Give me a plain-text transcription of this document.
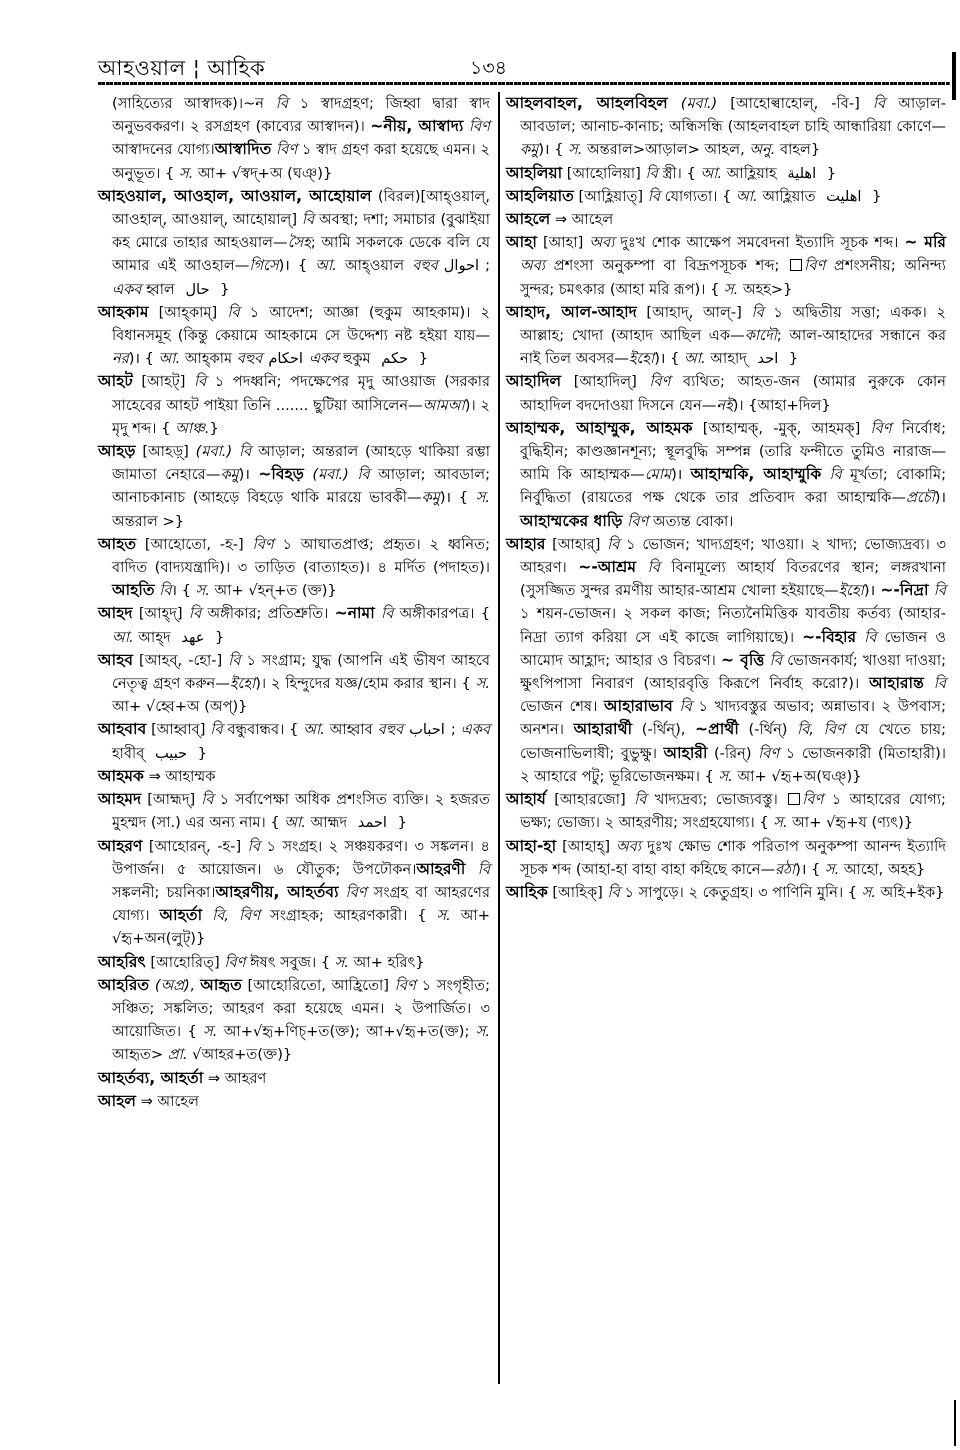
আহওয়াল ¦ আহিক	১৩৪

(সাহিত্যের আস্বাদক)।~ন বি ১ স্বাদগ্রহণ; জিহ্বা দ্বারা স্বাদ অনুভবকরণ। ২ রসগ্রহণ (কাব্যের আস্বাদন)। ~নীয়, আস্বাদ্য বিণ আস্বাদনের যোগ্য।আস্বাদিত বিণ ১ স্বাদ গ্রহণ করা হয়েছে এমন। ২ অনুভূত। { স. আ+ √স্বদ্+অ (ঘঞ্)}

আহওয়াল, আওহাল, আওয়াল, আহোয়াল (বিরল)[আহ্ওয়াল্, আওহাল্, আওয়াল্, আহোয়াল্] বি অবস্থা; দশা; সমাচার (বুঝাইয়া কহ মোরে তাহার আহওয়াল—সৈহ; আমি সকলকে ডেকে বলি যে আমার এই আওহাল—গিসে)। { আ. আহ্ওয়াল বহুব احوال ; একব হ্বাল حال }

আহকাম [আহ্কাম্] বি ১ আদেশ; আজ্ঞা (হুকুম আহকাম)। ২ বিধানসমূহ (কিন্তু কেয়ামে আহকামে সে উদ্দেশ্য নষ্ট হইয়া যায়—নর)। { আ. আহ্কাম বহুব احكام একব হুকুম حكم }

আহট [আহট্] বি ১ পদধ্বনি; পদক্ষেপের মৃদু আওয়াজ (সরকার সাহেবের আহট পাইয়া তিনি ....... ছুটিয়া আসিলেন—আমআ)। ২ মৃদু শব্দ। { আঞ্চ.}

আহড় [আহড়্] (মবা.) বি আড়াল; অন্তরাল (আহড়ে থাকিয়া রম্ভা জামাতা নেহারে—কমু)। ~বিহড় (মবা.) বি আড়াল; আবডাল; আনাচকানাচ (আহড়ে বিহড়ে থাকি মারয়ে ভাবকী—কমু)। { স. অন্তরাল >}

আহত [আহোতো, -হ-] বিণ ১ আঘাতপ্রাপ্ত; প্রহৃত। ২ ধ্বনিত; বাদিত (বাদ্যযন্ত্রাদি)। ৩ তাড়িত (বাত্যাহত)। ৪ মর্দিত (পদাহত)। আহতি বি। { স. আ+ √হন্+ত (ক্ত)}

আহদ [আহ্দ্] বি অঙ্গীকার; প্রতিশ্রুতি। ~নামা বি অঙ্গীকারপত্র। { আ. আহ্দ عهد }

আহব [আহব্, -হো-] বি ১ সংগ্রাম; যুদ্ধ (আপনি এই ভীষণ আহবে নেতৃত্ব গ্রহণ করুন—ইহো)। ২ হিন্দুদের যজ্ঞ/হোম করার স্থান। { স. আ+ √হ্বে+অ (অপ্)}

আহবাব [আহ্বাব্] বি বন্ধুবান্ধব। { আ. আহ্বাব বহুব احباب ; একব হাবীব্ حبيب }

আহমক ⇒ আহাম্মক

আহমদ [আহ্মদ্] বি ১ সর্বাপেক্ষা অধিক প্রশংসিত ব্যক্তি। ২ হজরত মুহম্মদ (সা.) এর অন্য নাম। { আ. আহ্মদ احمد }

আহরণ [আহোরন্, -হ-] বি ১ সংগ্রহ। ২ সঞ্চয়করণ। ৩ সঙ্কলন। ৪ উপার্জন। ৫ আয়োজন। ৬ যৌতুক; উপঢৌকন।আহরণী বি সঙ্কলনী; চয়নিকা।আহরণীয়, আহর্তব্য বিণ সংগ্রহ বা আহরণের যোগ্য। আহর্তা বি, বিণ সংগ্রাহক; আহরণকারী। { স. আ+ √হৃ+অন(লুট্)}

আহরিৎ [আহোরিত্] বিণ ঈষৎ সবুজ। { স. আ+ হরিৎ}

আহরিত (অপ্র), আহৃত [আহোরিতো, আহ্রিতো] বিণ ১ সংগৃহীত; সঞ্চিত; সঙ্কলিত; আহরণ করা হয়েছে এমন। ২ উপার্জিত। ৩ আয়োজিত। { স. আ+√হৃ+ণিচ্+ত(ক্ত); আ+√হৃ+ত(ক্ত); স. আহৃত> প্রা. √আহর+ত(ক্ত)}

আহর্তব্য, আহর্তা ⇒ আহরণ

আহল ⇒ আহেল

আহলবাহল, আহলবিহল (মবা.) [আহোল্বাহোল্, -বি-] বি আড়াল-আবডাল; আনাচ-কানাচ; অন্ধিসন্ধি (আহলবাহল চাহি আন্ধারিয়া কোণে—কমু)। { স. অন্তরাল>আড়াল> আহল, অনু. বাহল}

আহলিয়া [আহোলিয়া] বি স্ত্রী। { আ. আহ্লিয়াহ اهلية }

আহলিয়াত [আহ্লিয়াত্] বি যোগ্যতা। { আ. আহ্লিয়াত اهليت }

আহলে ⇒ আহেল

আহা [আহা] অব্য দুঃখ শোক আক্ষেপ সমবেদনা ইত্যাদি সূচক শব্দ। ~ মরি অব্য প্রশংসা অনুকম্পা বা বিদ্রূপসূচক শব্দ; বিণ প্রশংসনীয়; অনিন্দ্য সুন্দর; চমৎকার (আহা মরি রূপ)। { স. অহহ>}

আহাদ, আল-আহাদ [আহাদ্, আল্-] বি ১ অদ্বিতীয় সত্তা; একক। ২ আল্লাহ; খোদা (আহাদ আছিল এক—কাদৌ; আল-আহাদের সন্ধানে কর নাই তিল অবসর—ইহো)। { আ. আহাদ্ احد }

আহাদিল [আহাদিল্] বিণ ব্যথিত; আহত-জন (আমার নুরুকে কোন আহাদিল বদদোওয়া দিসনে যেন—নই)। {আহা+দিল}

আহাম্মক, আহাম্মুক, আহমক [আহাম্মক্, -মুক্, আহমক্] বিণ নির্বোধ; বুদ্ধিহীন; কাণ্ডজ্ঞানশূন্য; স্থূলবুদ্ধি সম্পন্ন (তারি ফন্দীতে তুমিও নারাজ—আমি কি আহাম্মক—মোম)। আহাম্মকি, আহাম্মুকি বি মূর্খতা; বোকামি; নির্বুদ্ধিতা (রায়তের পক্ষ থেকে তার প্রতিবাদ করা আহাম্মকি—প্রচৌ)। আহাম্মকের ধাড়ি বিণ অত্যন্ত বোকা।

আহার [আহার্] বি ১ ভোজন; খাদ্যগ্রহণ; খাওয়া। ২ খাদ্য; ভোজ্যদ্রব্য। ৩ আহরণ। ~-আশ্রম বি বিনামূল্যে আহার্য বিতরণের স্থান; লঙ্গরখানা (সুসজ্জিত সুন্দর রমণীয় আহার-আশ্রম খোলা হইয়াছে—ইহো)। ~-নিদ্রা বি ১ শয়ন-ভোজন। ২ সকল কাজ; নিত্যনৈমিত্তিক যাবতীয় কর্তব্য (আহার-নিদ্রা ত্যাগ করিয়া সে এই কাজে লাগিয়াছে)। ~-বিহার বি ভোজন ও আমোদ আহ্লাদ; আহার ও বিচরণ। ~ বৃত্তি বি ভোজনকার্য; খাওয়া দাওয়া; ক্ষুৎপিপাসা নিবারণ (আহারবৃত্তি কিরূপে নির্বাহ করো?)। আহারান্ত বি ভোজন শেষ। আহারাভাব বি ১ খাদ্যবস্তুর অভাব; অন্নাভাব। ২ উপবাস; অনশন। আহারার্থী (-র্থিন্), ~প্রার্থী (-র্থিন্) বি, বিণ যে খেতে চায়; ভোজনাভিলাষী; বুভুক্ষু। আহারী (-রিন্) বিণ ১ ভোজনকারী (মিতাহারী)। ২ আহারে পটু; ভূরিভোজনক্ষম। { স. আ+ √হৃ+অ(ঘঞ্)}

আহার্য [আহারজো] বি খাদ্যদ্রব্য; ভোজ্যবস্তু। বিণ ১ আহারের যোগ্য; ভক্ষ্য; ভোজ্য। ২ আহরণীয়; সংগ্রহযোগ্য। { স. আ+ √হৃ+য (ণ্যৎ)}

আহা-হা [আহাহ্] অব্য দুঃখ ক্ষোভ শোক পরিতাপ অনুকম্পা আনন্দ ইত্যাদি সূচক শব্দ (আহা-হা বাহা বাহা কহিছে কানে—রঠা)। { স. আহো, অহহ}

আহিক [আহিক্] বি ১ সাপুড়ে। ২ কেতুগ্রহ। ৩ পাণিনি মুনি। { স. অহি+ইক}
